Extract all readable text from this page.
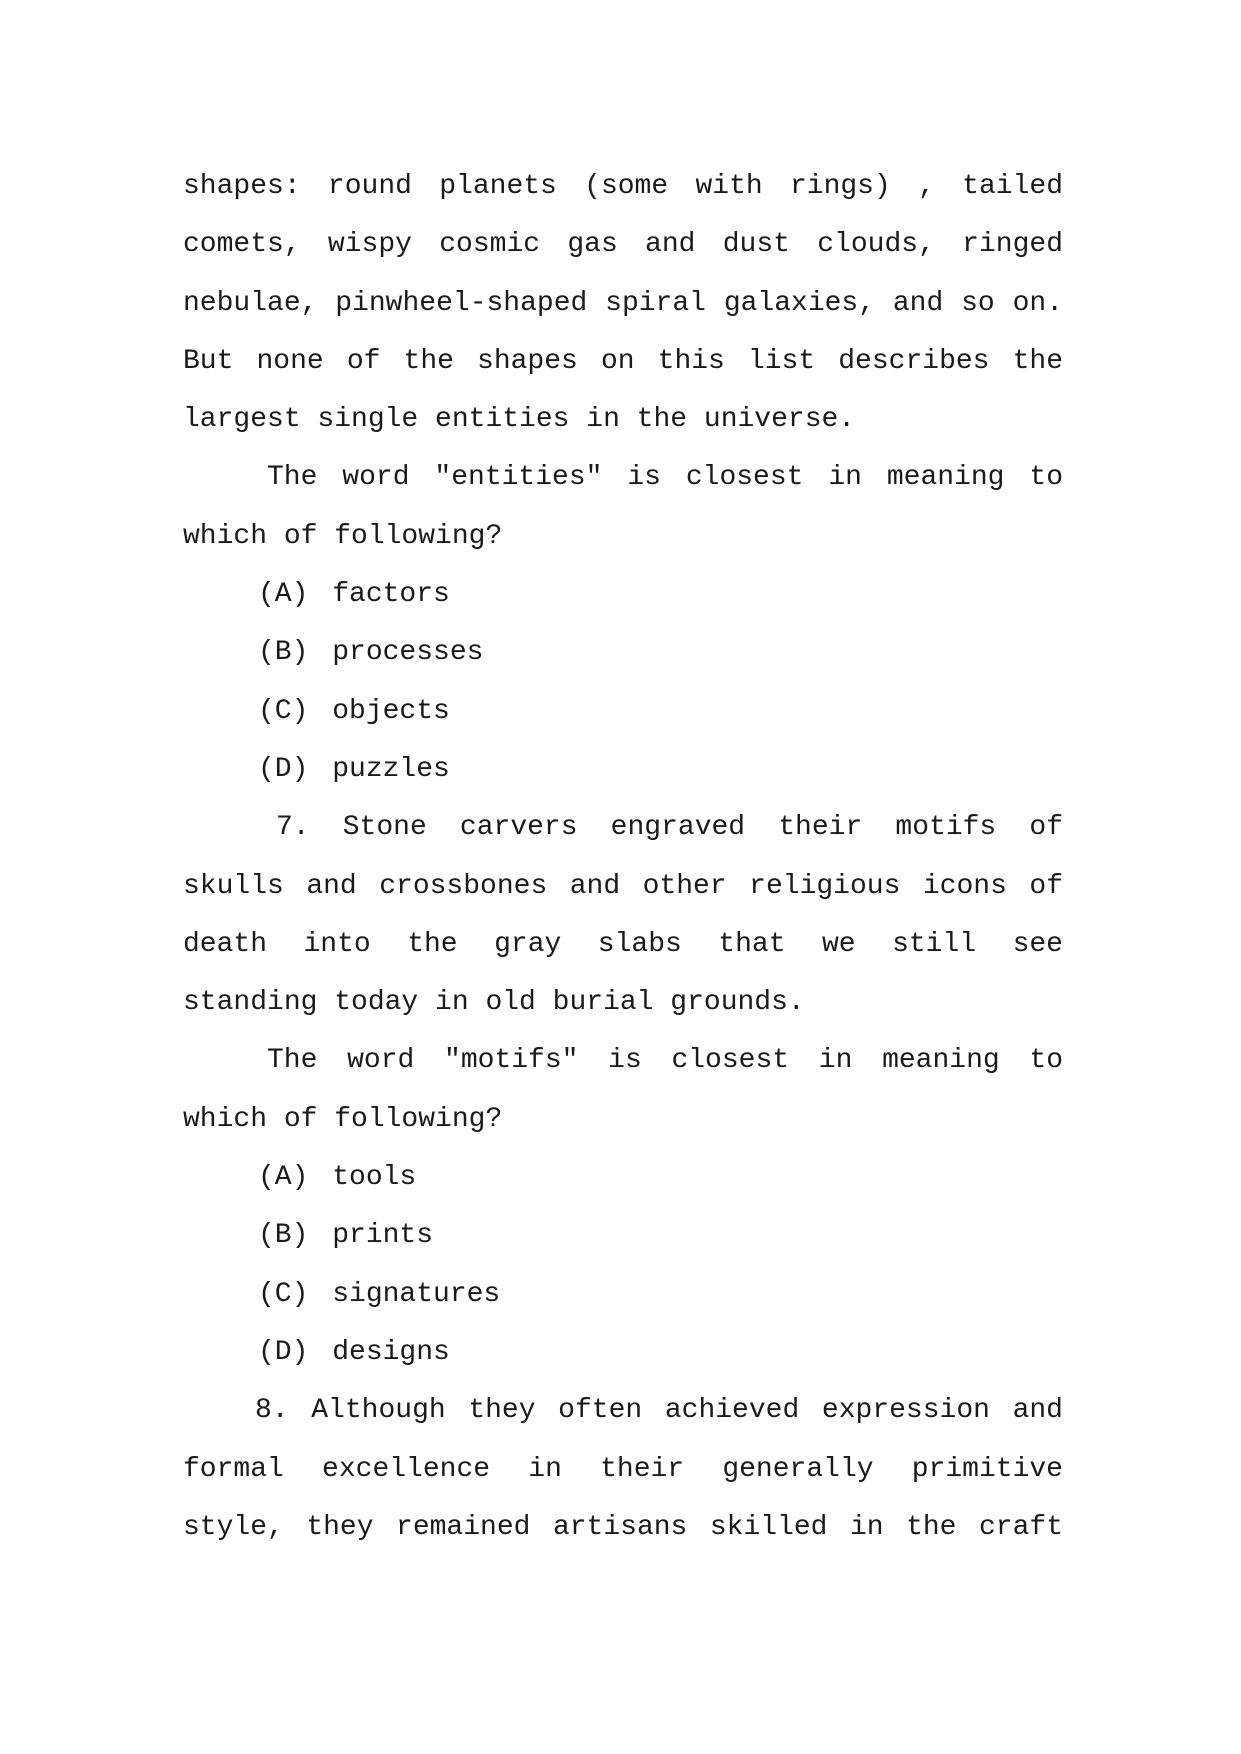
shapes: round planets (some with rings) , tailed
comets, wispy cosmic gas and dust clouds, ringed
nebulae, pinwheel-shaped spiral galaxies, and so on.
But none of the shapes on this list describes the
largest single entities in the universe.
The word "entities" is closest in meaning to
which of following?
(A) factors
(B) processes
(C) objects
(D) puzzles
7. Stone carvers engraved their motifs of
skulls and crossbones and other religious icons of
death into the gray slabs that we still see
standing today in old burial grounds.
The word "motifs" is closest in meaning to
which of following?
(A) tools
(B) prints
(C) signatures
(D) designs
8. Although they often achieved expression and
formal excellence in their generally primitive
style, they remained artisans skilled in the craft
